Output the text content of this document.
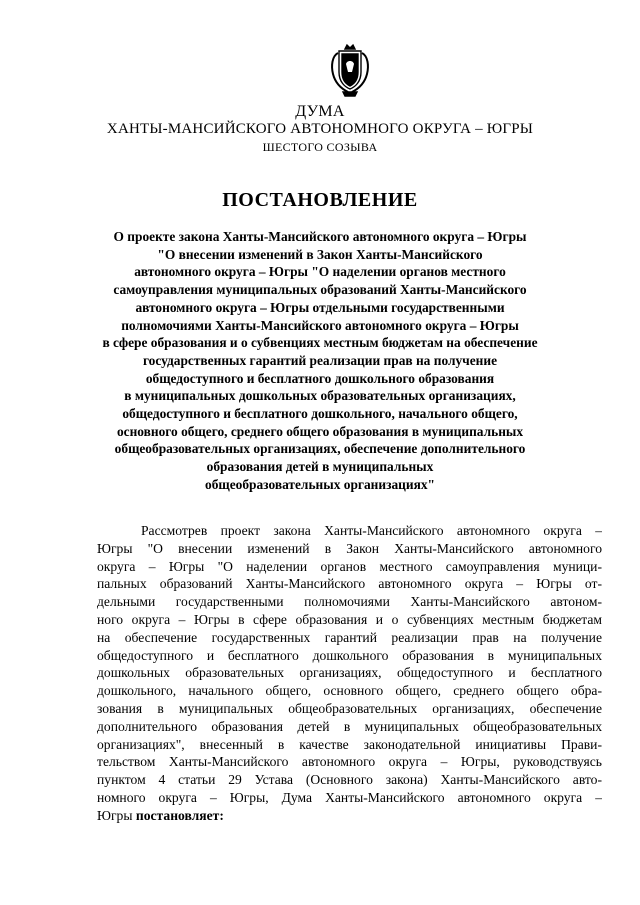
ДУМА
ХАНТЫ-МАНСИЙСКОГО АВТОНОМНОГО ОКРУГА – ЮГРЫ
ШЕСТОГО СОЗЫВА
ПОСТАНОВЛЕНИЕ
О проекте закона Ханты-Мансийского автономного округа – Югры
"О внесении изменений в Закон Ханты-Мансийского
автономного округа – Югры "О наделении органов местного
самоуправления муниципальных образований Ханты-Мансийского
автономного округа – Югры отдельными государственными
полномочиями Ханты-Мансийского автономного округа – Югры
в сфере образования и о субвенциях местным бюджетам на обеспечение
государственных гарантий реализации прав на получение
общедоступного и бесплатного дошкольного образования
в муниципальных дошкольных образовательных организациях,
общедоступного и бесплатного дошкольного, начального общего,
основного общего, среднего общего образования в муниципальных
общеобразовательных организациях, обеспечение дополнительного
образования детей в муниципальных
общеобразовательных организациях"
Рассмотрев проект закона Ханты-Мансийского автономного округа –
Югры "О внесении изменений в Закон Ханты-Мансийского автономного
округа – Югры "О наделении органов местного самоуправления муници-
пальных образований Ханты-Мансийского автономного округа – Югры от-
дельными государственными полномочиями Ханты-Мансийского автоном-
ного округа – Югры в сфере образования и о субвенциях местным бюджетам
на обеспечение государственных гарантий реализации прав на получение
общедоступного и бесплатного дошкольного образования в муниципальных
дошкольных образовательных организациях, общедоступного и бесплатного
дошкольного, начального общего, основного общего, среднего общего обра-
зования в муниципальных общеобразовательных организациях, обеспечение
дополнительного образования детей в муниципальных общеобразовательных
организациях", внесенный в качестве законодательной инициативы Прави-
тельством Ханты-Мансийского автономного округа – Югры, руководствуясь
пунктом 4 статьи 29 Устава (Основного закона) Ханты-Мансийского авто-
номного округа – Югры, Дума Ханты-Мансийского автономного округа –
Югры постановляет:
